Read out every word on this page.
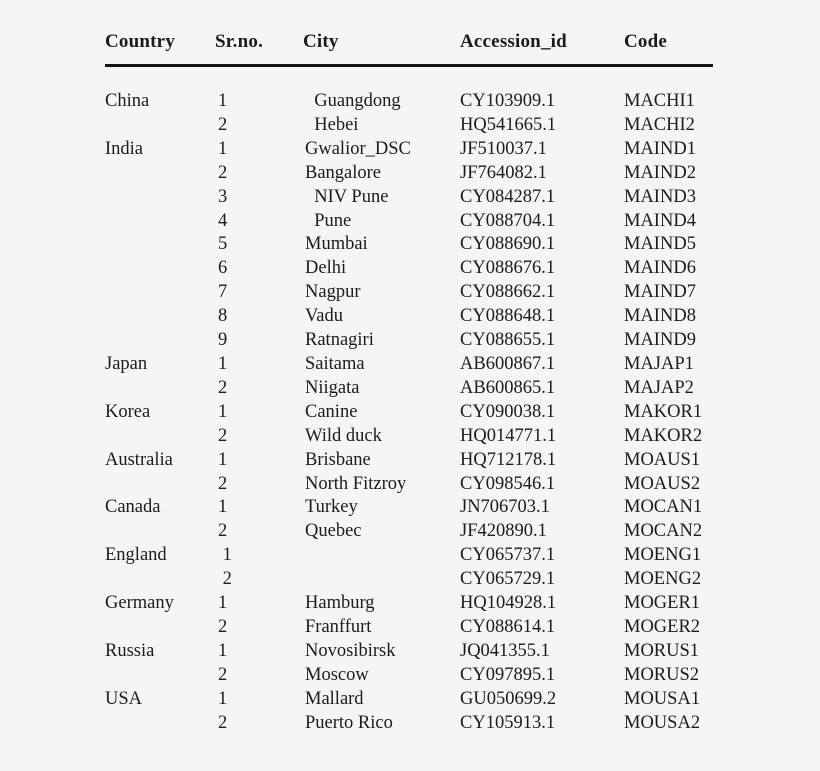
Country	Sr.no.	City	Accession_id	Code
China	1	Guangdong	CY103909.1	MACHI1
	2	Hebei	HQ541665.1	MACHI2
India	1	Gwalior_DSC	JF510037.1	MAIND1
	2	Bangalore	JF764082.1	MAIND2
	3	NIV Pune	CY084287.1	MAIND3
	4	Pune	CY088704.1	MAIND4
	5	Mumbai	CY088690.1	MAIND5
	6	Delhi	CY088676.1	MAIND6
	7	Nagpur	CY088662.1	MAIND7
	8	Vadu	CY088648.1	MAIND8
	9	Ratnagiri	CY088655.1	MAIND9
Japan	1	Saitama	AB600867.1	MAJAP1
	2	Niigata	AB600865.1	MAJAP2
Korea	1	Canine	CY090038.1	MAKOR1
	2	Wild duck	HQ014771.1	MAKOR2
Australia	1	Brisbane	HQ712178.1	MOAUS1
	2	North Fitzroy	CY098546.1	MOAUS2
Canada	1	Turkey	JN706703.1	MOCAN1
	2	Quebec	JF420890.1	MOCAN2
England	1		CY065737.1	MOENG1
	2		CY065729.1	MOENG2
Germany	1	Hamburg	HQ104928.1	MOGER1
	2	Franffurt	CY088614.1	MOGER2
Russia	1	Novosibirsk	JQ041355.1	MORUS1
	2	Moscow	CY097895.1	MORUS2
USA	1	Mallard	GU050699.2	MOUSA1
	2	Puerto Rico	CY105913.1	MOUSA2
